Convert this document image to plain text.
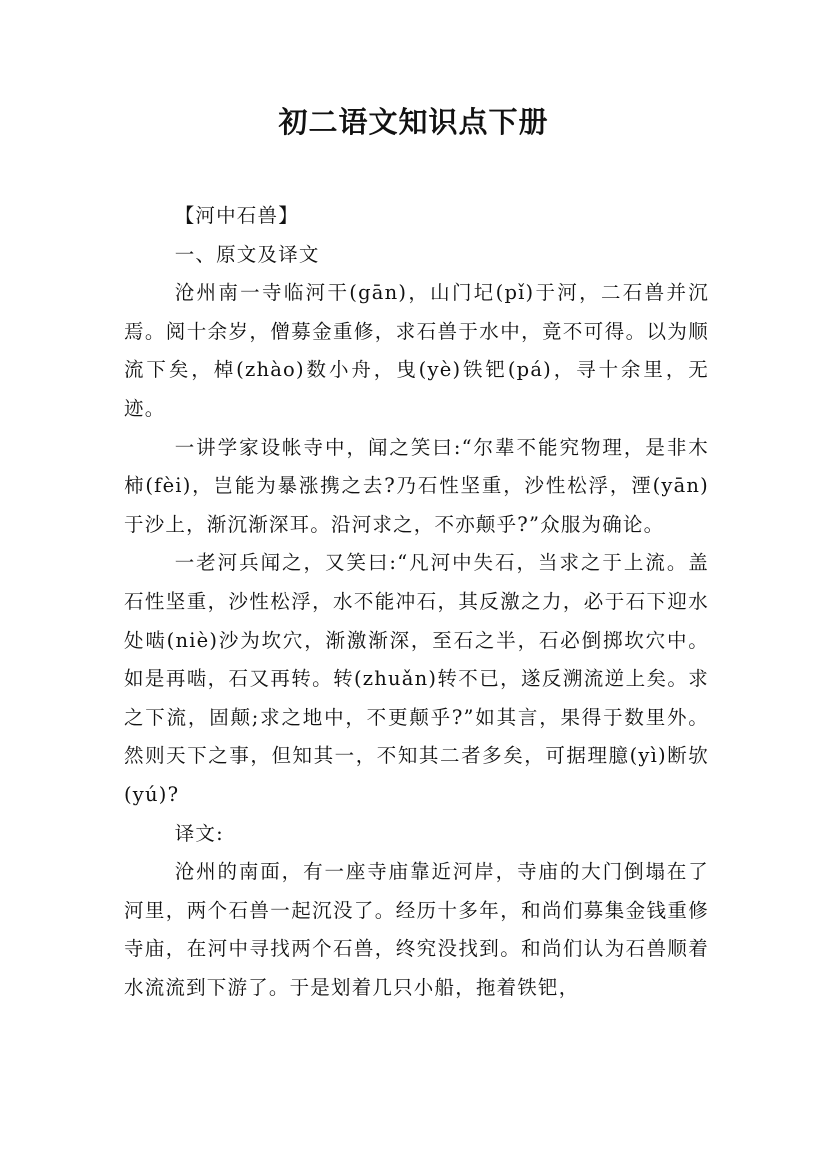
初二语文知识点下册

【河中石兽】

一、原文及译文

沧州南一寺临河干(gān)，山门圮(pǐ)于河，二石兽并沉焉。阅十余岁，僧募金重修，求石兽于水中，竟不可得。以为顺流下矣，棹(zhào)数小舟，曳(yè)铁钯(pá)，寻十余里，无迹。

一讲学家设帐寺中，闻之笑曰:“尔辈不能究物理，是非木柿(fèi)，岂能为暴涨携之去?乃石性坚重，沙性松浮，湮(yān)于沙上，渐沉渐深耳。沿河求之，不亦颠乎?”众服为确论。

一老河兵闻之，又笑曰:“凡河中失石，当求之于上流。盖石性坚重，沙性松浮，水不能冲石，其反激之力，必于石下迎水处啮(niè)沙为坎穴，渐激渐深，至石之半，石必倒掷坎穴中。如是再啮，石又再转。转(zhuǎn)转不已，遂反溯流逆上矣。求之下流，固颠;求之地中，不更颠乎?”如其言，果得于数里外。然则天下之事，但知其一，不知其二者多矣，可据理臆(yì)断欤(yú)?

译文:

沧州的南面，有一座寺庙靠近河岸，寺庙的大门倒塌在了河里，两个石兽一起沉没了。经历十多年，和尚们募集金钱重修寺庙，在河中寻找两个石兽，终究没找到。和尚们认为石兽顺着水流流到下游了。于是划着几只小船，拖着铁钯，
